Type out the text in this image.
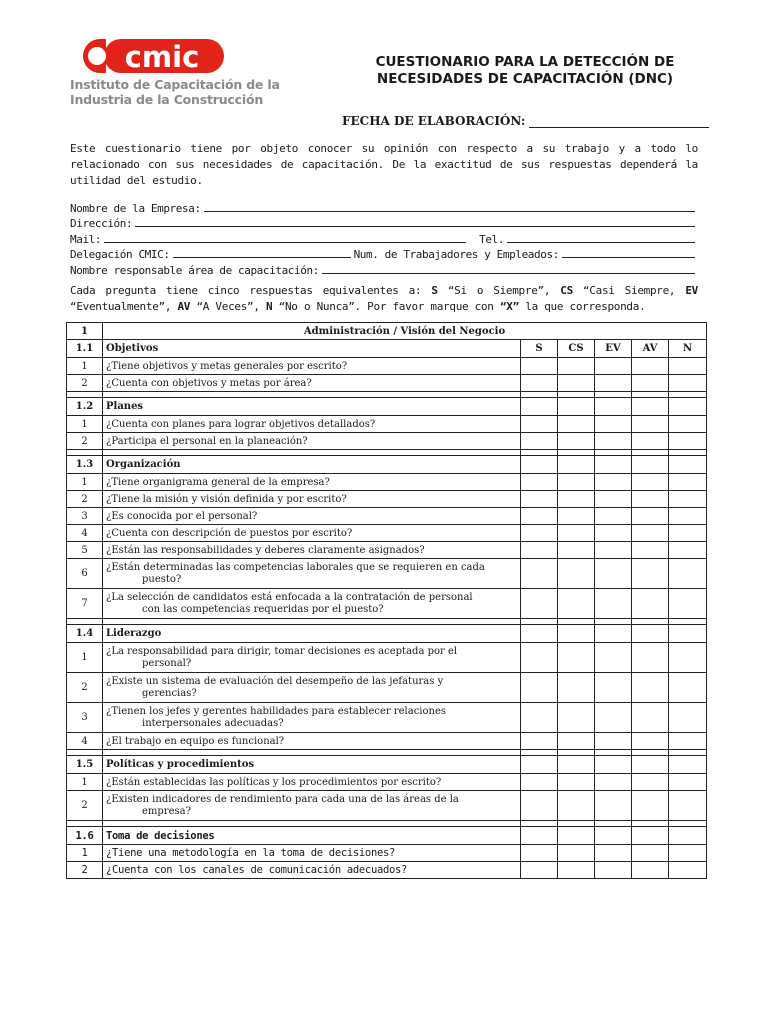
cmic
Instituto de Capacitación de la
Industria de la Construcción
CUESTIONARIO PARA LA DETECCIÓN DE
NECESIDADES DE CAPACITACIÓN (DNC)
FECHA DE ELABORACIÓN:
Este cuestionario tiene por objeto conocer su opinión con respecto a su trabajo y a todo lo relacionado con sus necesidades de capacitación. De la exactitud de sus respuestas dependerá la utilidad del estudio.
Nombre de la Empresa:
Dirección:
Mail:	Tel.
Delegación CMIC:	Num. de Trabajadores y Empleados:
Nombre responsable área de capacitación:
Cada pregunta tiene cinco respuestas equivalentes a: S “Si o Siempre”, CS “Casi Siempre, EV “Eventualmente”, AV “A Veces”, N “No o Nunca”. Por favor marque con “X” la que corresponda.
1	Administración / Visión del Negocio					
1.1	Objetivos	S	CS	EV	AV	N
1	¿Tiene objetivos y metas generales por escrito?					
2	¿Cuenta con objetivos y metas por área?					

1.2	Planes					
1	¿Cuenta con planes para lograr objetivos detallados?					
2	¿Participa el personal en la planeación?					

1.3	Organización					
1	¿Tiene organigrama general de la empresa?					
2	¿Tiene la misión y visión definida y por escrito?					
3	¿Es conocida por el personal?					
4	¿Cuenta con descripción de puestos por escrito?					
5	¿Están las responsabilidades y deberes claramente asignados?					
6	¿Están determinadas las competencias laborales que se requieren en cada
puesto?					

7	¿La selección de candidatos está enfocada a la contratación de personal
con las competencias requeridas por el puesto?					

1.4	Liderazgo					
1	¿La responsabilidad para dirigir, tomar decisiones es aceptada por el
personal?					

2	¿Existe un sistema de evaluación del desempeño de las jefaturas y
gerencias?					

3	¿Tienen los jefes y gerentes habilidades para establecer relaciones
interpersonales adecuadas?					

4	¿El trabajo en equipo es funcional?					

1.5	Políticas y procedimientos					
1	¿Están establecidas las políticas y los procedimientos por escrito?					
2	¿Existen indicadores de rendimiento para cada una de las áreas de la
empresa?					

1.6	Toma de decisiones					
1	¿Tiene una metodología en la toma de decisiones?					
2	¿Cuenta con los canales de comunicación adecuados?					
